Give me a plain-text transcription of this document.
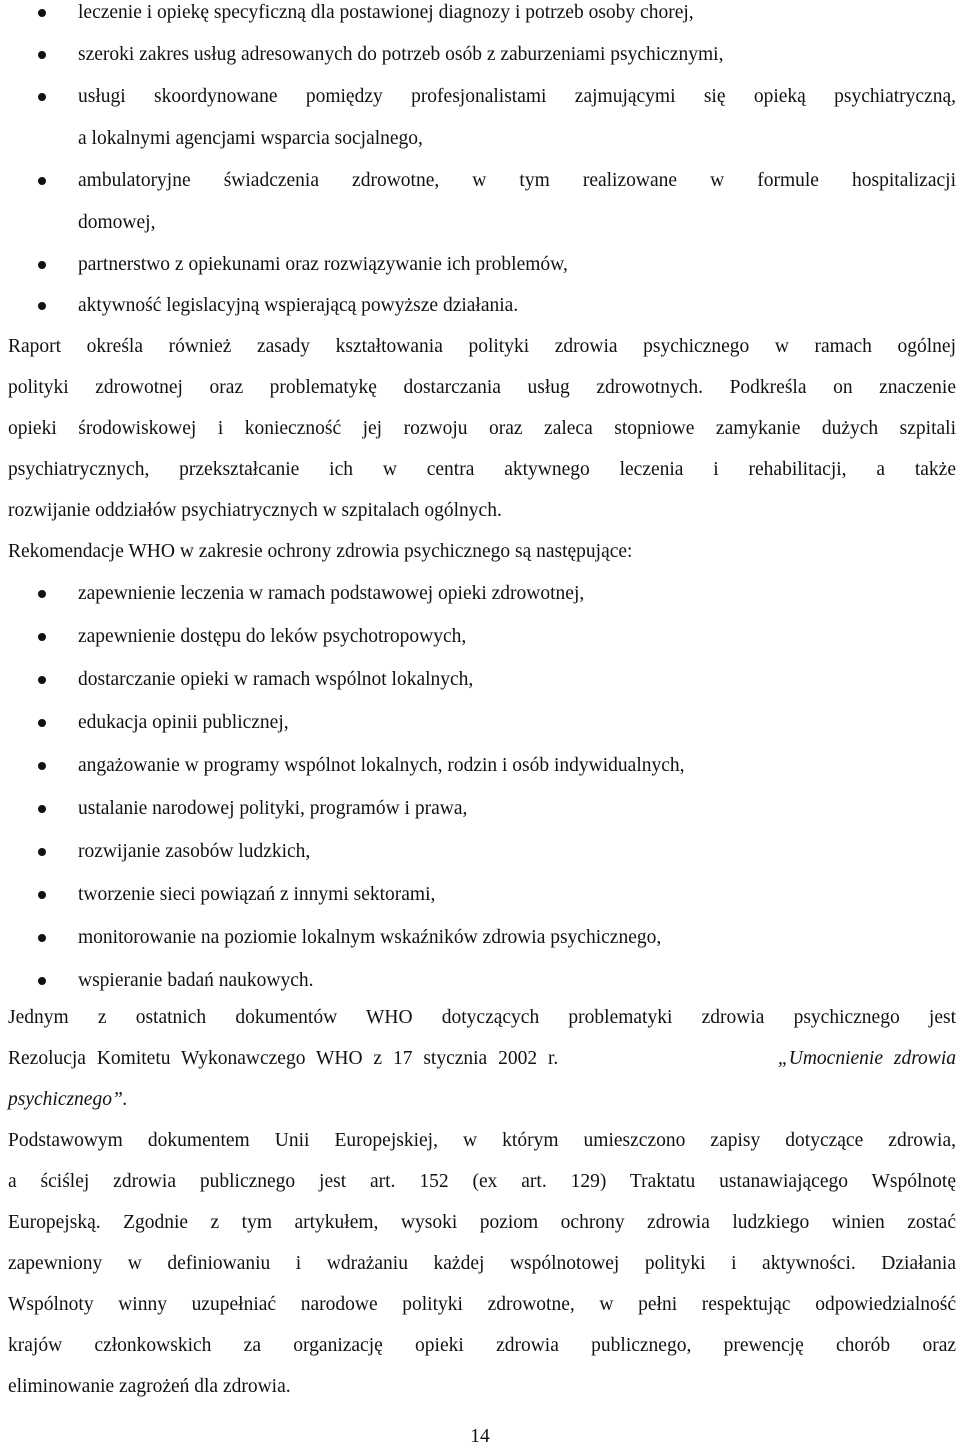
leczenie i opiekę specyficzną dla postawionej diagnozy i potrzeb osoby chorej,
szeroki zakres usług adresowanych do potrzeb osób z zaburzeniami psychicznymi,
usługi skoordynowane pomiędzy profesjonalistami zajmującymi się opieką psychiatryczną,
a lokalnymi agencjami wsparcia socjalnego,
ambulatoryjne świadczenia zdrowotne, w tym realizowane w formule hospitalizacji
domowej,
partnerstwo z opiekunami oraz rozwiązywanie ich problemów,
aktywność legislacyjną wspierającą powyższe działania.
Raport określa również zasady kształtowania polityki zdrowia psychicznego w ramach ogólnej
polityki zdrowotnej oraz problematykę dostarczania usług zdrowotnych. Podkreśla on znaczenie
opieki środowiskowej i konieczność jej rozwoju oraz zaleca stopniowe zamykanie dużych szpitali
psychiatrycznych, przekształcanie ich w centra aktywnego leczenia i rehabilitacji, a także
rozwijanie oddziałów psychiatrycznych w szpitalach ogólnych.
Rekomendacje WHO w zakresie ochrony zdrowia psychicznego są następujące:
zapewnienie leczenia w ramach podstawowej opieki zdrowotnej,
zapewnienie dostępu do leków psychotropowych,
dostarczanie opieki w ramach wspólnot lokalnych,
edukacja opinii publicznej,
angażowanie w programy wspólnot lokalnych, rodzin i osób indywidualnych,
ustalanie narodowej polityki, programów i prawa,
rozwijanie zasobów ludzkich,
tworzenie sieci powiązań z innymi sektorami,
monitorowanie na poziomie lokalnym wskaźników zdrowia psychicznego,
wspieranie badań naukowych.
Jednym z ostatnich dokumentów WHO dotyczących problematyki zdrowia psychicznego jest
Rezolucja Komitetu Wykonawczego WHO z 17 stycznia 2002 r.	„Umocnienie zdrowia
psychicznego”.
Podstawowym dokumentem Unii Europejskiej, w którym umieszczono zapisy dotyczące zdrowia,
a ściślej zdrowia publicznego jest art. 152 (ex art. 129) Traktatu ustanawiającego Wspólnotę
Europejską. Zgodnie z tym artykułem, wysoki poziom ochrony zdrowia ludzkiego winien zostać
zapewniony w definiowaniu i wdrażaniu każdej wspólnotowej polityki i aktywności. Działania
Wspólnoty winny uzupełniać narodowe polityki zdrowotne, w pełni respektując odpowiedzialność
krajów członkowskich za organizację opieki zdrowia publicznego, prewencję chorób oraz
eliminowanie zagrożeń dla zdrowia.
14
